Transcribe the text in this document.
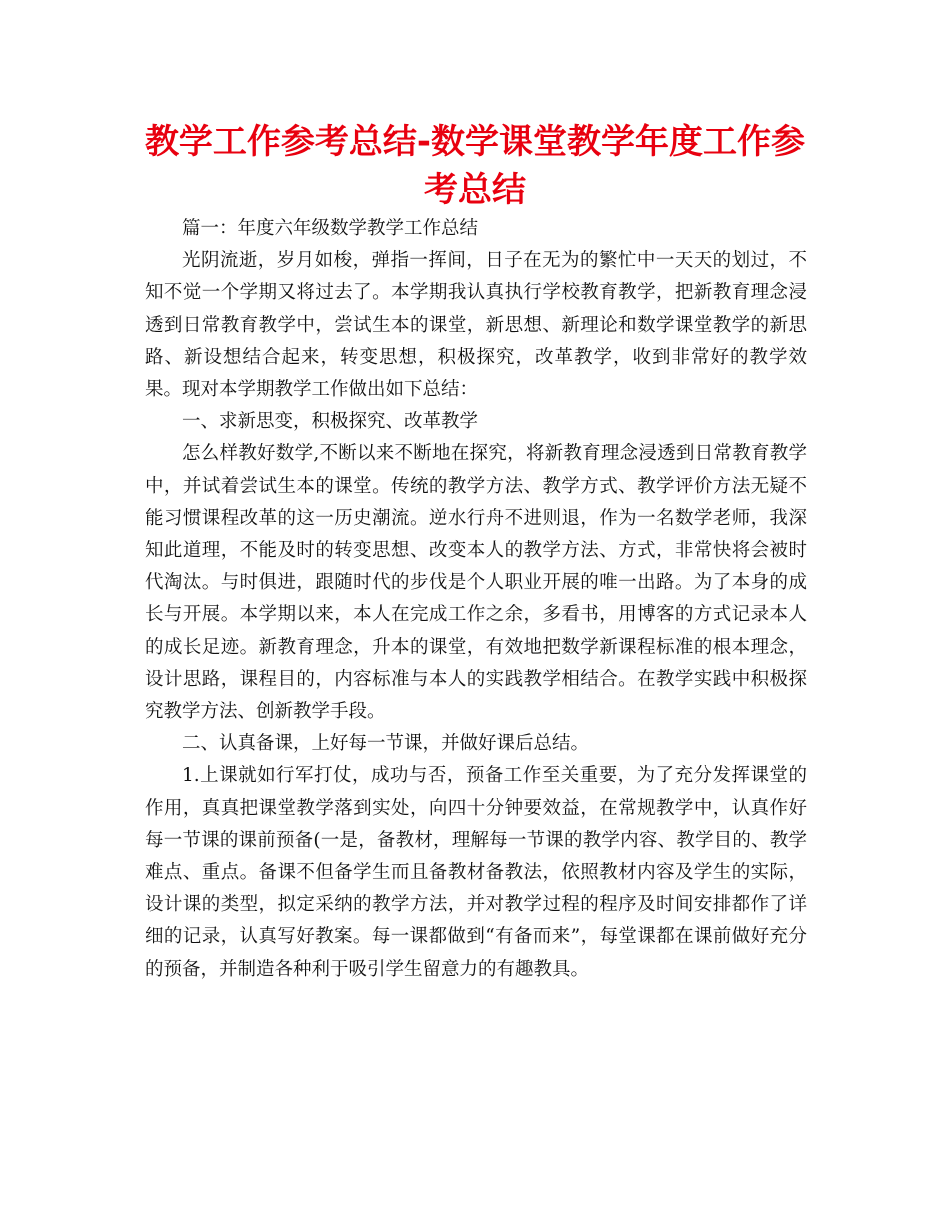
教学工作参考总结-数学课堂教学年度工作参考总结

篇一：年度六年级数学教学工作总结

光阴流逝，岁月如梭，弹指一挥间，日子在无为的繁忙中一天天的划过，不知不觉一个学期又将过去了。本学期我认真执行学校教育教学，把新教育理念浸透到日常教育教学中，尝试生本的课堂，新思想、新理论和数学课堂教学的新思路、新设想结合起来，转变思想，积极探究，改革教学，收到非常好的教学效果。现对本学期教学工作做出如下总结：

一、求新思变，积极探究、改革教学

怎么样教好数学,不断以来不断地在探究，将新教育理念浸透到日常教育教学中，并试着尝试生本的课堂。传统的教学方法、教学方式、教学评价方法无疑不能习惯课程改革的这一历史潮流。逆水行舟不进则退，作为一名数学老师，我深知此道理，不能及时的转变思想、改变本人的教学方法、方式，非常快将会被时代淘汰。与时俱进，跟随时代的步伐是个人职业开展的唯一出路。为了本身的成长与开展。本学期以来，本人在完成工作之余，多看书，用博客的方式记录本人的成长足迹。新教育理念，升本的课堂，有效地把数学新课程标准的根本理念，设计思路，课程目的，内容标准与本人的实践教学相结合。在教学实践中积极探究教学方法、创新教学手段。

二、认真备课，上好每一节课，并做好课后总结。

1.上课就如行军打仗，成功与否，预备工作至关重要，为了充分发挥课堂的作用，真真把课堂教学落到实处，向四十分钟要效益，在常规教学中，认真作好每一节课的课前预备(一是，备教材，理解每一节课的教学内容、教学目的、教学难点、重点。备课不但备学生而且备教材备教法，依照教材内容及学生的实际，设计课的类型，拟定采纳的教学方法，并对教学过程的程序及时间安排都作了详细的记录，认真写好教案。每一课都做到“有备而来”，每堂课都在课前做好充分的预备，并制造各种利于吸引学生留意力的有趣教具。
